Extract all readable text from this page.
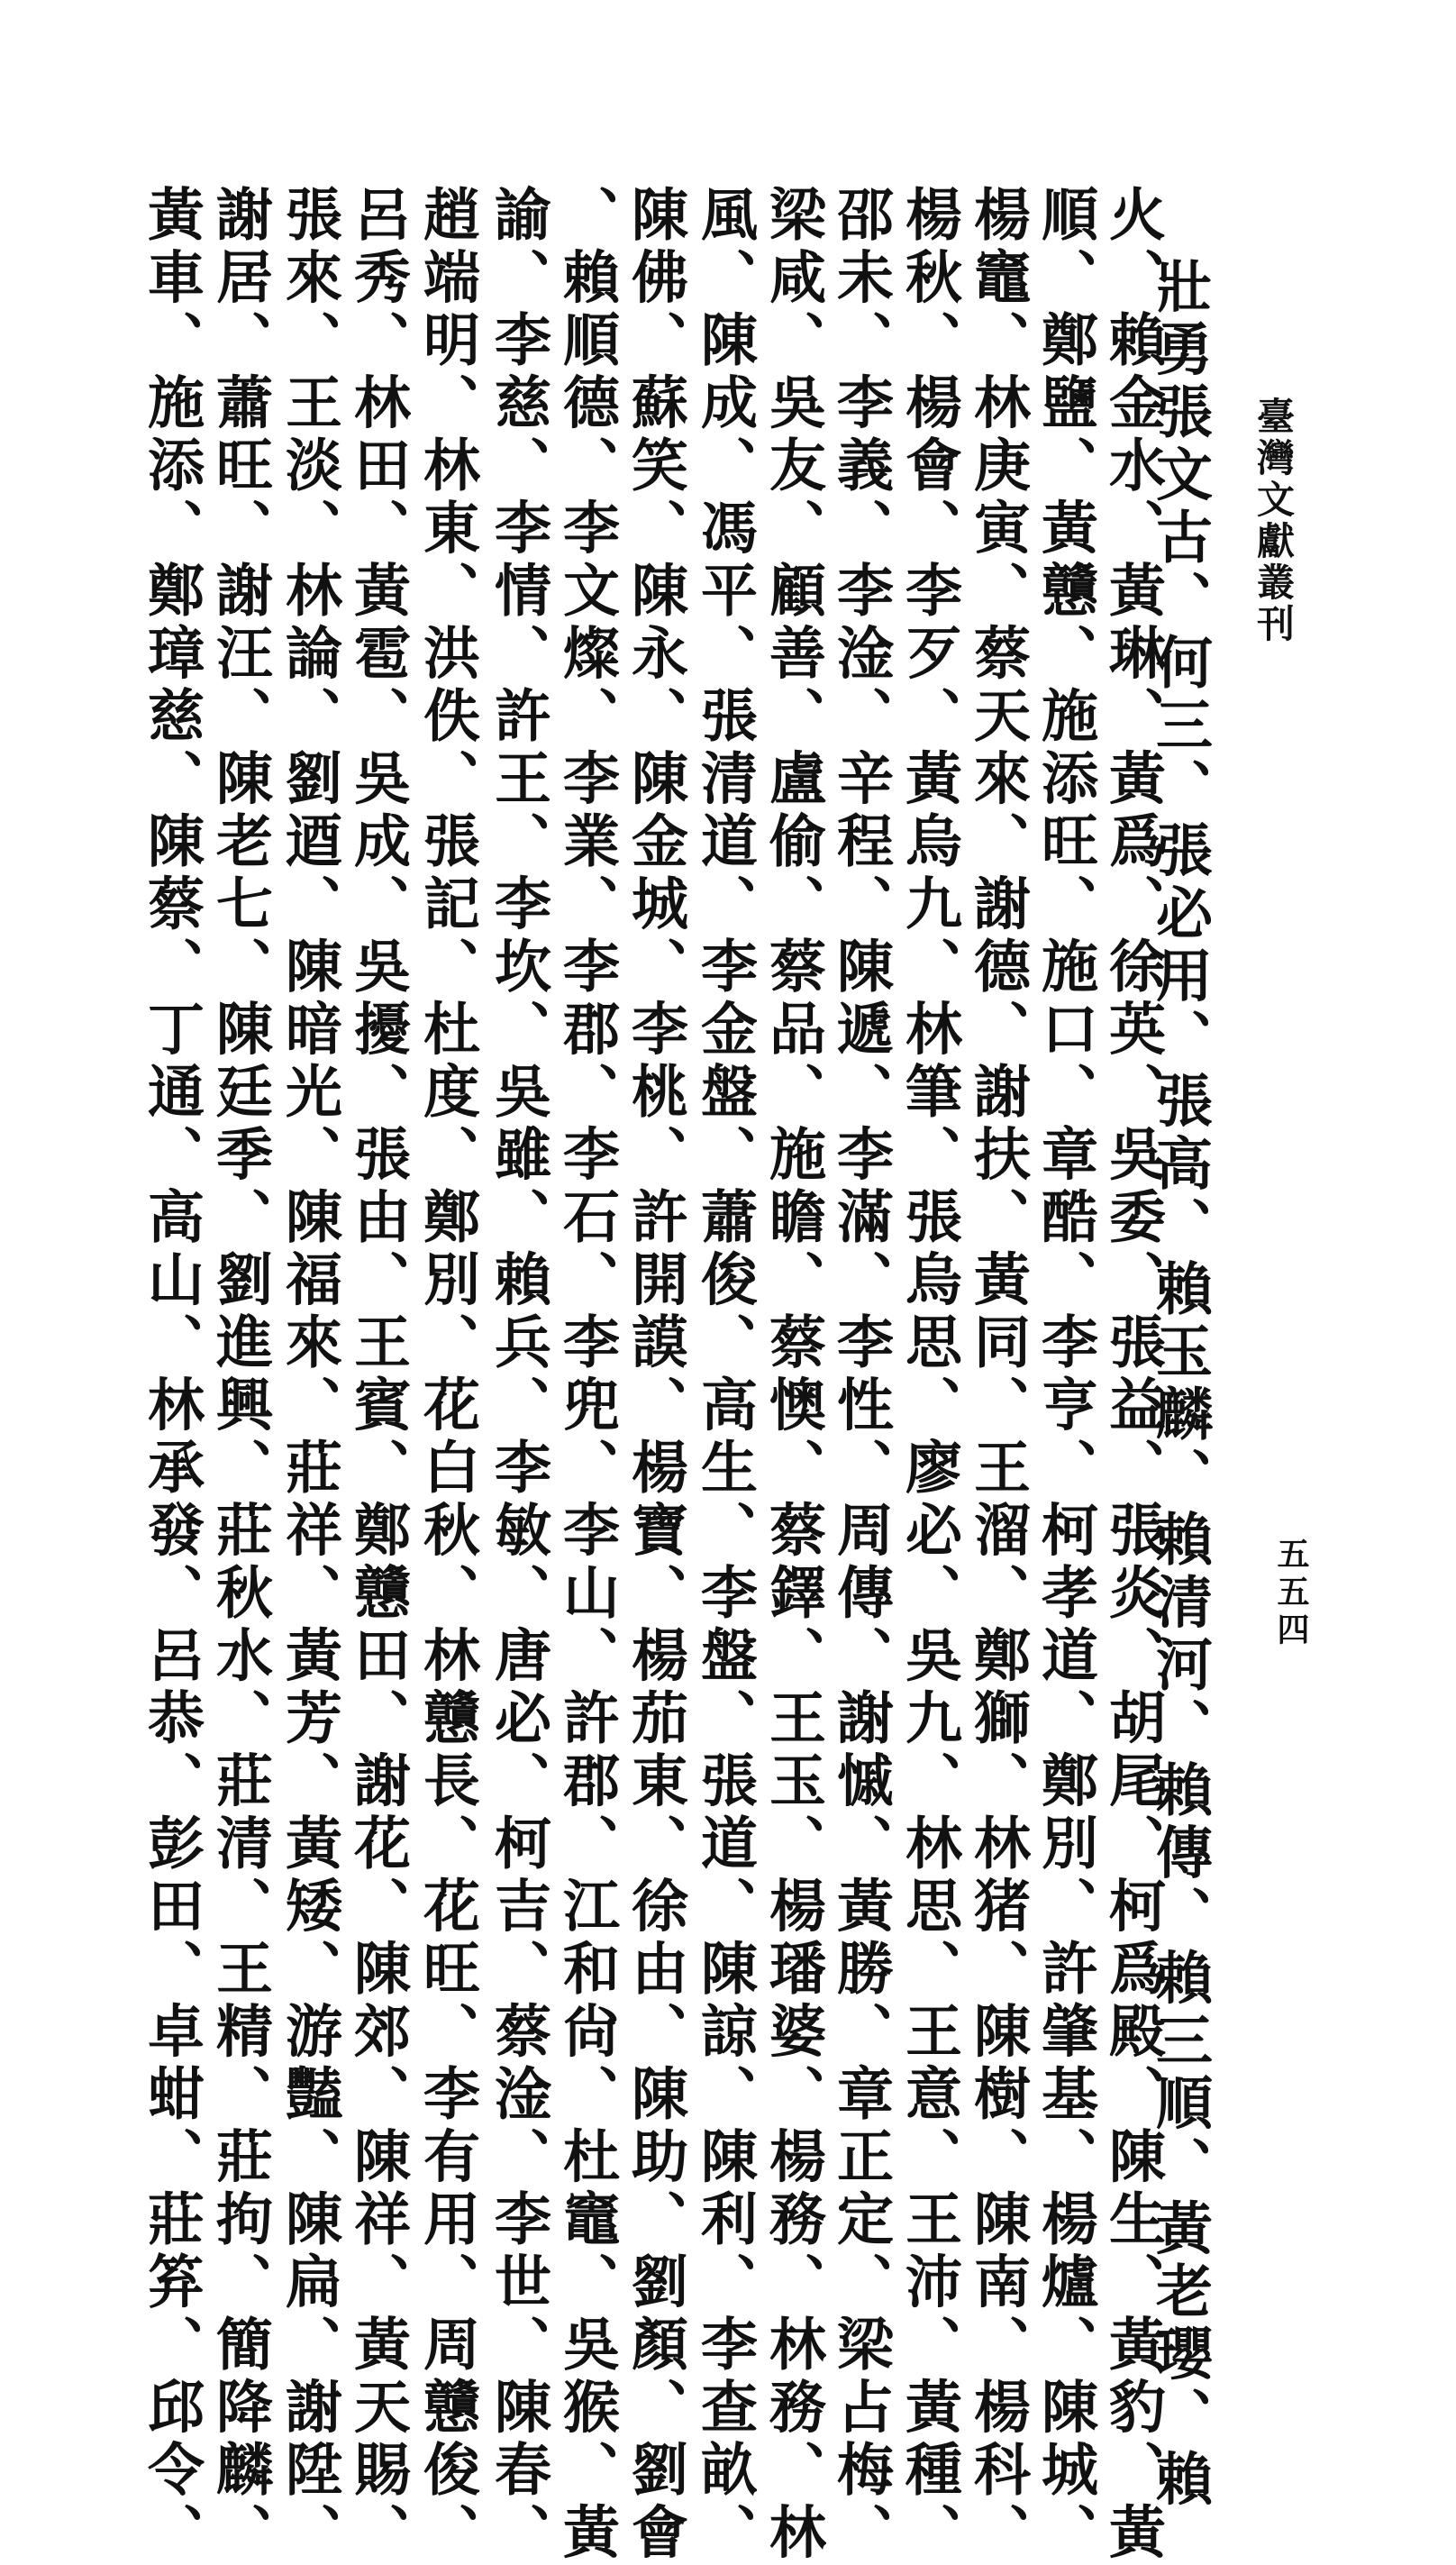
臺灣文獻叢刊
五五四
壯勇張文古、何三、張必用、張高、賴玉麟、賴清河、賴傳、賴三順、黃老瓔、賴
火、賴金水、黃琳、黃爲、徐英、吳委、張益、張炎、胡尾、柯爲殿、陳生、黃豹、黃
順、鄭鹽、黃戇、施添旺、施口、章酷、李亨、柯孝道、鄭別、許肇基、楊爐、陳城、
楊竈、林庚寅、蔡天來、謝德、謝扶、黃同、王溜、鄭獅、林猪、陳樹、陳南、楊科、
楊秋、楊會、李歹、黃烏九、林筆、張烏思、廖必、吳九、林思、王意、王沛、黃種、
邵未、李義、李淦、辛程、陳遞、李滿、李性、周傳、謝慽、黃勝、章正定、梁占梅、
梁咸、吳友、顧善、盧偷、蔡品、施瞻、蔡懊、蔡鐸、王玉、楊璠婆、楊務、林務、林
風、陳成、馮平、張清道、李金盤、蕭俊、高生、李盤、張道、陳諒、陳利、李查畝、
陳佛、蘇笑、陳永、陳金城、李桃、許開謨、楊寶、楊茄東、徐由、陳助、劉顏、劉會
、賴順德、李文燦、李業、李郡、李石、李兜、李山、許郡、江和尙、杜竈、吳猴、黃
諭、李慈、李情、許王、李坎、吳雖、賴兵、李敏、唐必、柯吉、蔡淦、李世、陳春、
趙端明、林東、洪佚、張記、杜度、鄭別、花白秋、林戇長、花旺、李有用、周戇俊、
呂秀、林田、黃雹、吳成、吳擾、張由、王賓、鄭戇田、謝花、陳郊、陳祥、黃天賜、
張來、王淡、林論、劉逎、陳暗光、陳福來、莊祥、黃芳、黃矮、游豔、陳扁、謝陞、
謝居、蕭旺、謝汪、陳老七、陳廷季、劉進興、莊秋水、莊清、王精、莊拘、簡降麟、
黃車、施添、鄭璋慈、陳蔡、丁通、高山、林承發、呂恭、彭田、卓蚶、莊笲、邱令、
